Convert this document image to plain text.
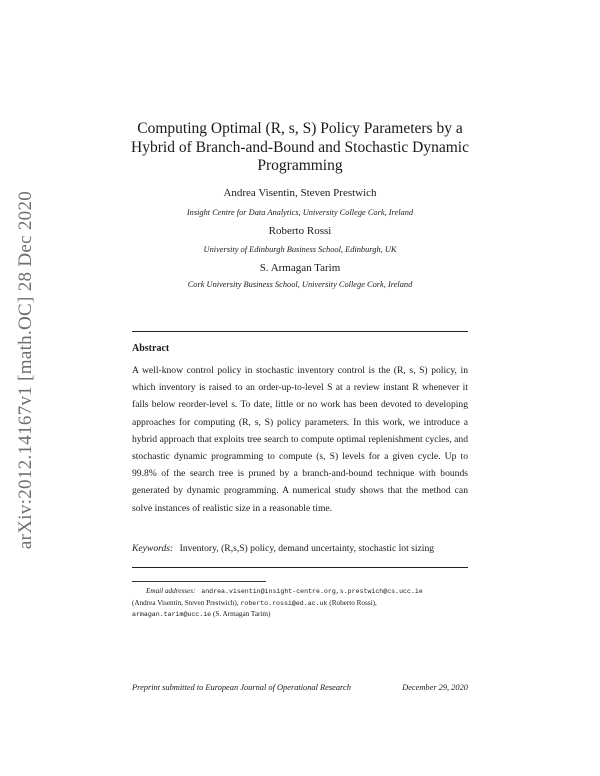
arXiv:2012.14167v1 [math.OC] 28 Dec 2020
Computing Optimal (R, s, S) Policy Parameters by a
Hybrid of Branch-and-Bound and Stochastic Dynamic
Programming
Andrea Visentin, Steven Prestwich
Insight Centre for Data Analytics, University College Cork, Ireland
Roberto Rossi
University of Edinburgh Business School, Edinburgh, UK
S. Armagan Tarim
Cork University Business School, University College Cork, Ireland
Abstract

A well-know control policy in stochastic inventory control is the (R, s, S) policy, in which inventory is raised to an order-up-to-level S at a review instant R whenever it falls below reorder-level s. To date, little or no work has been devoted to developing approaches for computing (R, s, S) policy parameters. In this work, we introduce a hybrid approach that exploits tree search to compute optimal replenishment cycles, and stochastic dynamic programming to compute (s, S) levels for a given cycle. Up to 99.8% of the search tree is pruned by a branch-and-bound technique with bounds generated by dynamic programming. A numerical study shows that the method can solve instances of realistic size in a reasonable time.

Keywords: Inventory, (R,s,S) policy, demand uncertainty, stochastic lot sizing
Email addresses: andrea.visentin@insight-centre.org,s.prestwich@cs.ucc.ie
(Andrea Visentin, Steven Prestwich), roberto.rossi@ed.ac.uk (Roberto Rossi),
armagan.tarim@ucc.ie (S. Armagan Tarim)
Preprint submitted to European Journal of Operational Research	December 29, 2020
